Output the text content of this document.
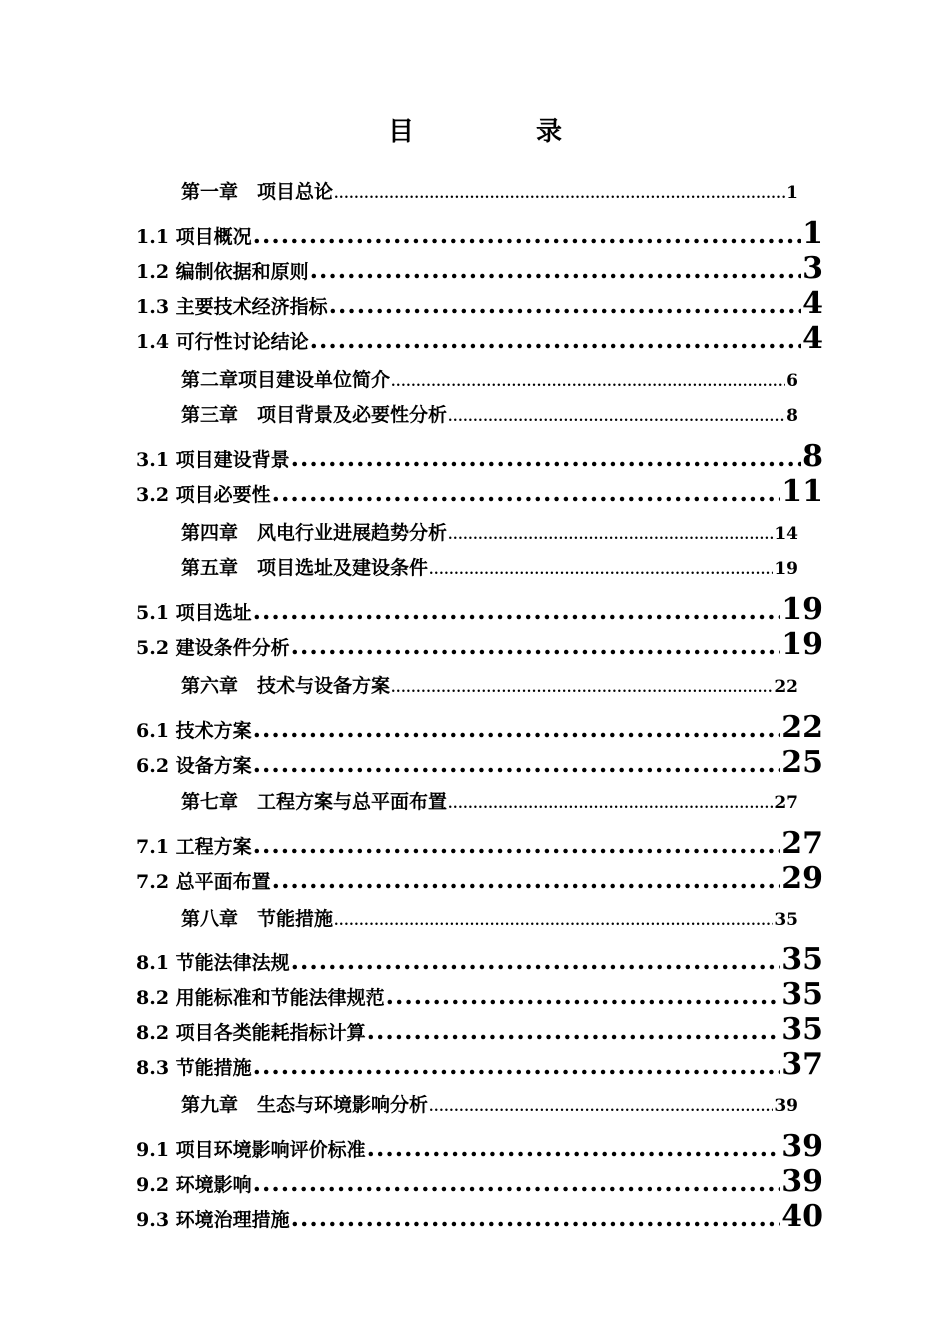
目　录
第一章　项目总论 .....	1
1.1 项目概况 .....	1
1.2 编制依据和原则 .....	3
1.3 主要技术经济指标 .....	4
1.4 可行性讨论结论 .....	4
第二章项目建设单位简介 .....	6
第三章　项目背景及必要性分析 .....	8
3.1 项目建设背景 .....	8
3.2 项目必要性 .....	11
第四章　风电行业进展趋势分析 .....	14
第五章　项目选址及建设条件 .....	19
5.1 项目选址 .....	19
5.2 建设条件分析 .....	19
第六章　技术与设备方案 .....	22
6.1 技术方案 .....	22
6.2 设备方案 .....	25
第七章　工程方案与总平面布置 .....	27
7.1 工程方案 .....	27
7.2 总平面布置 .....	29
第八章　节能措施 .....	35
8.1 节能法律法规 .....	35
8.2 用能标准和节能法律规范 .....	35
8.2 项目各类能耗指标计算 .....	35
8.3 节能措施 .....	37
第九章　生态与环境影响分析 .....	39
9.1 项目环境影响评价标准 .....	39
9.2 环境影响 .....	39
9.3 环境治理措施 .....	40
